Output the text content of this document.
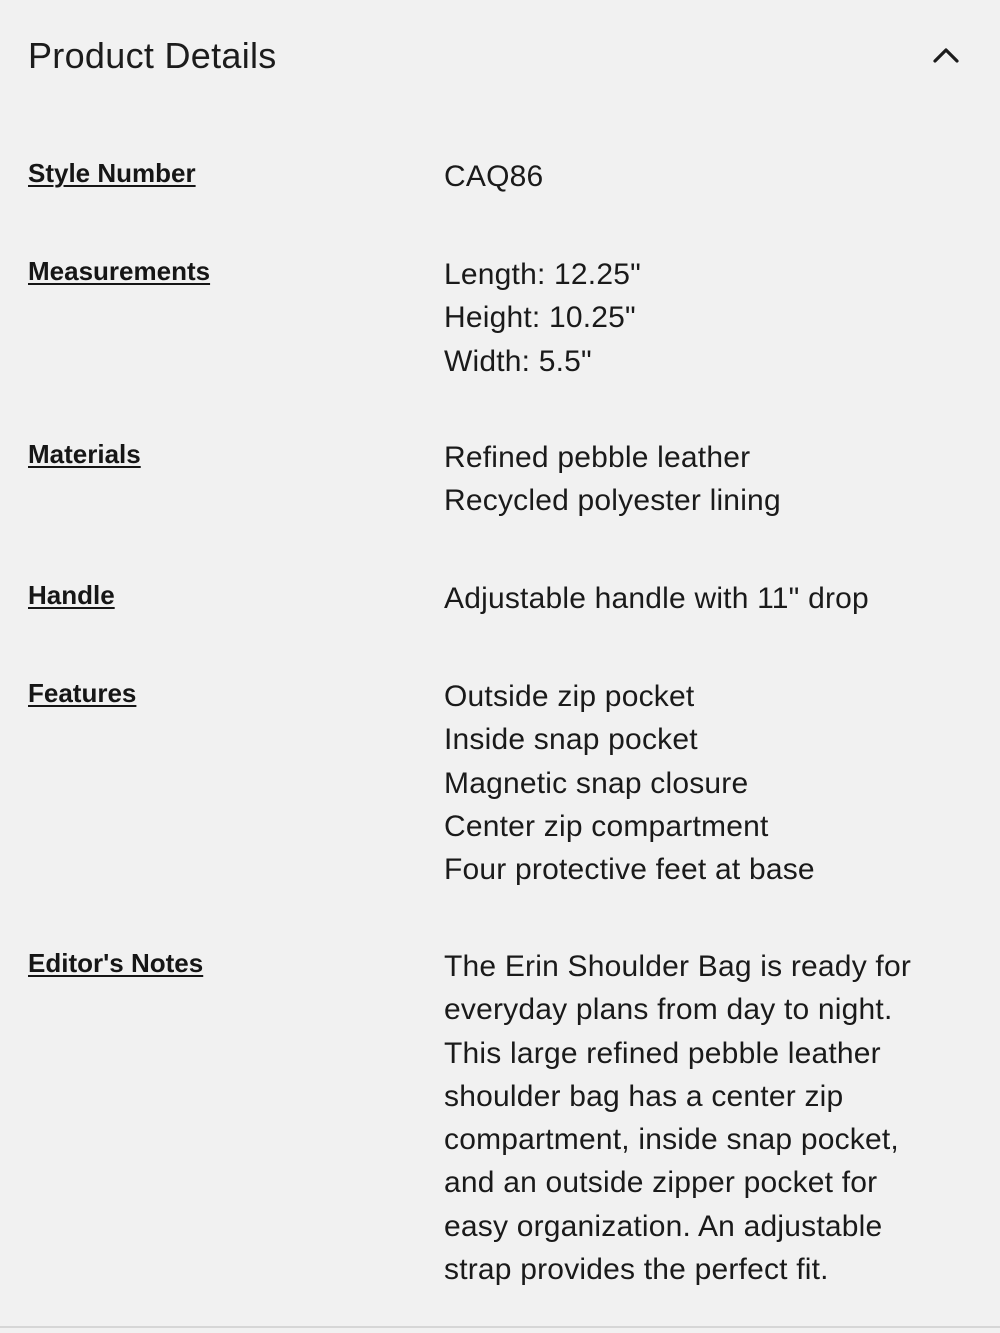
Product Details
Style Number	CAQ86
Measurements	Length: 12.25"
Height: 10.25"
Width: 5.5"
Materials	Refined pebble leather
Recycled polyester lining
Handle	Adjustable handle with 11" drop
Features	Outside zip pocket
Inside snap pocket
Magnetic snap closure
Center zip compartment
Four protective feet at base
Editor's Notes	The Erin Shoulder Bag is ready for
everyday plans from day to night.
This large refined pebble leather
shoulder bag has a center zip
compartment, inside snap pocket,
and an outside zipper pocket for
easy organization. An adjustable
strap provides the perfect fit.
